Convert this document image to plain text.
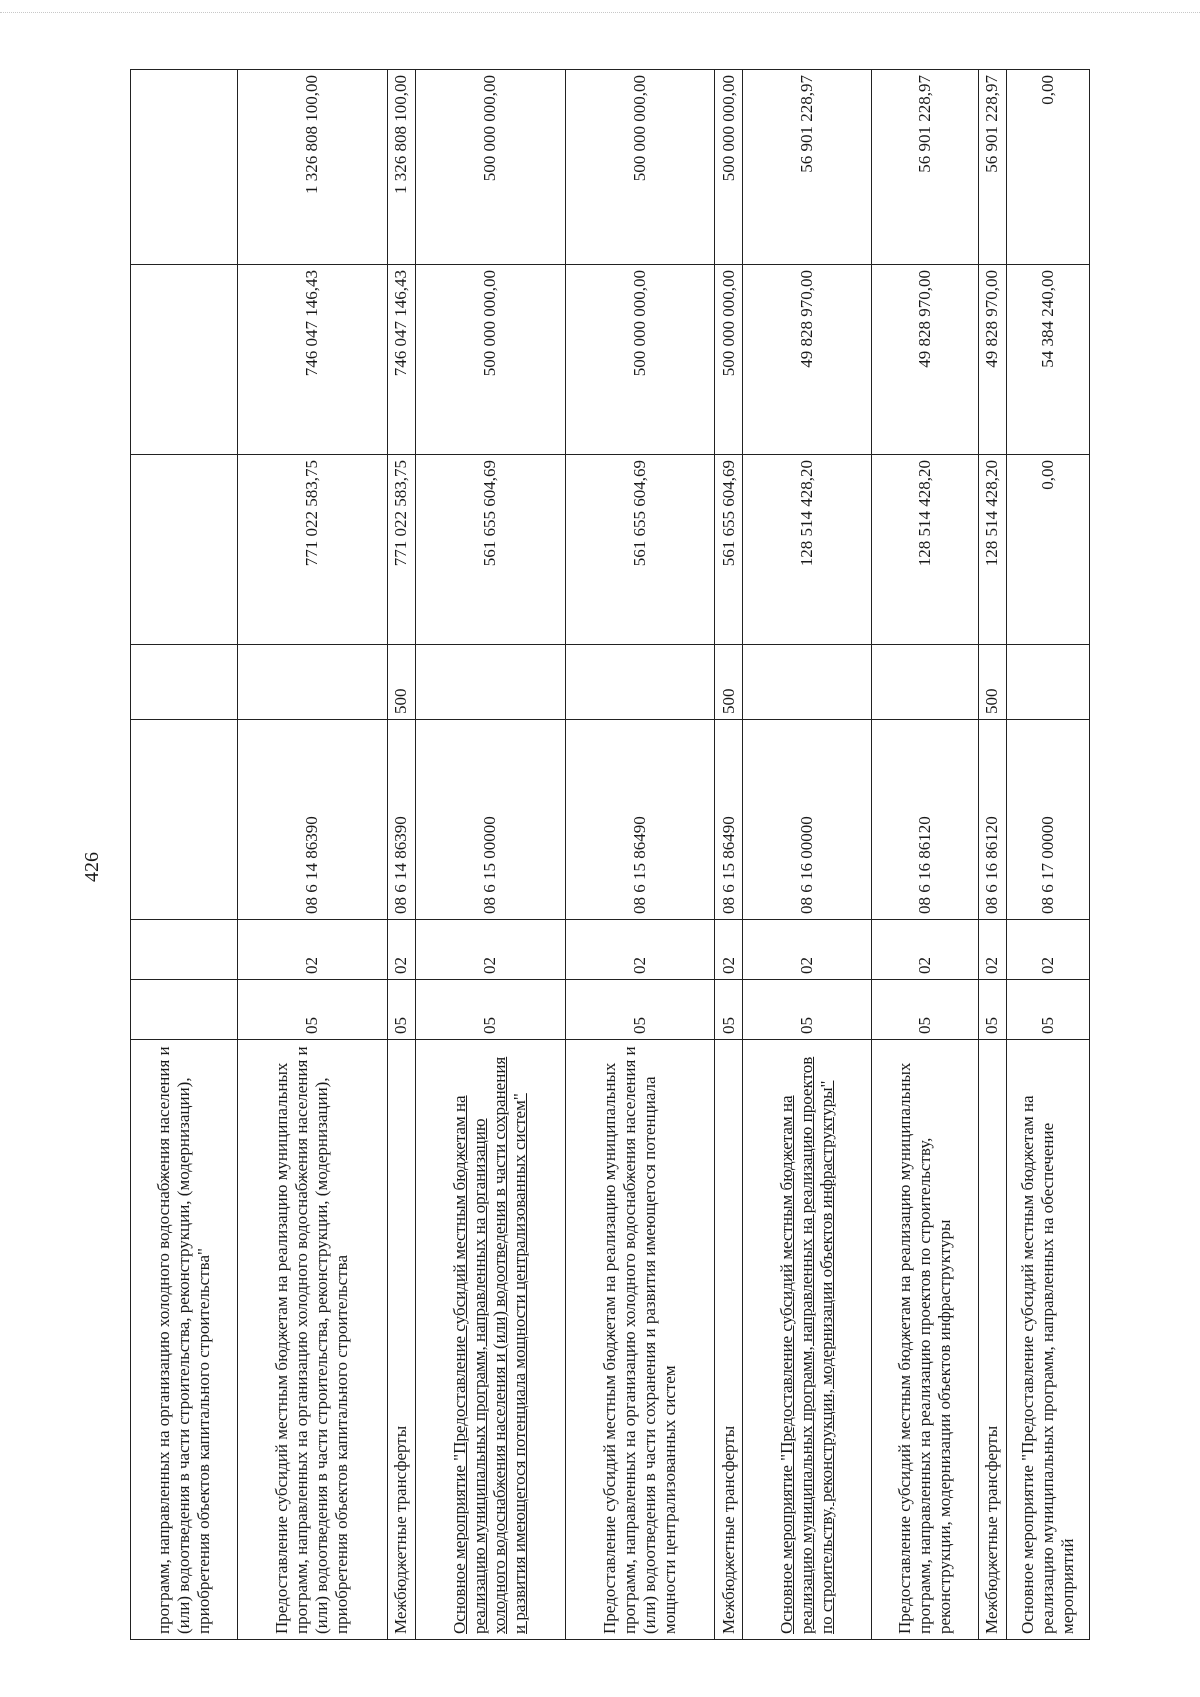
426
программ, направленных на организацию холодного водоснабжения населения и (или) водоотведения в части строительства, реконструкции, (модернизации), приобретения объектов капитального строительства"							
Предоставление субсидий местным бюджетам на реализацию муниципальных программ, направленных на организацию холодного водоснабжения населения и (или) водоотведения в части строительства, реконструкции, (модернизации), приобретения объектов капитального строительства	05	02	08 6 14 86390		771 022 583,75	746 047 146,43	1 326 808 100,00
Межбюджетные трансферты	05	02	08 6 14 86390	500	771 022 583,75	746 047 146,43	1 326 808 100,00
Основное мероприятие "Предоставление субсидий местным бюджетам на реализацию муниципальных программ, направленных на организацию холодного водоснабжения населения и (или) водоотведения в части сохранения и развития имеющегося потенциала мощности централизованных систем"	05	02	08 6 15 00000		561 655 604,69	500 000 000,00	500 000 000,00
Предоставление субсидий местным бюджетам на реализацию муниципальных программ, направленных на организацию холодного водоснабжения населения и (или) водоотведения в части сохранения и развития имеющегося потенциала мощности централизованных систем	05	02	08 6 15 86490		561 655 604,69	500 000 000,00	500 000 000,00
Межбюджетные трансферты	05	02	08 6 15 86490	500	561 655 604,69	500 000 000,00	500 000 000,00
Основное мероприятие "Предоставление субсидий местным бюджетам на реализацию муниципальных программ, направленных на реализацию проектов по строительству, реконструкции, модернизации объектов инфраструктуры"	05	02	08 6 16 00000		128 514 428,20	49 828 970,00	56 901 228,97
Предоставление субсидий местным бюджетам на реализацию муниципальных программ, направленных на реализацию проектов по строительству, реконструкции, модернизации объектов инфраструктуры	05	02	08 6 16 86120		128 514 428,20	49 828 970,00	56 901 228,97
Межбюджетные трансферты	05	02	08 6 16 86120	500	128 514 428,20	49 828 970,00	56 901 228,97
Основное мероприятие "Предоставление субсидий местным бюджетам на реализацию муниципальных программ, направленных на обеспечение мероприятий	05	02	08 6 17 00000		0,00	54 384 240,00	0,00
